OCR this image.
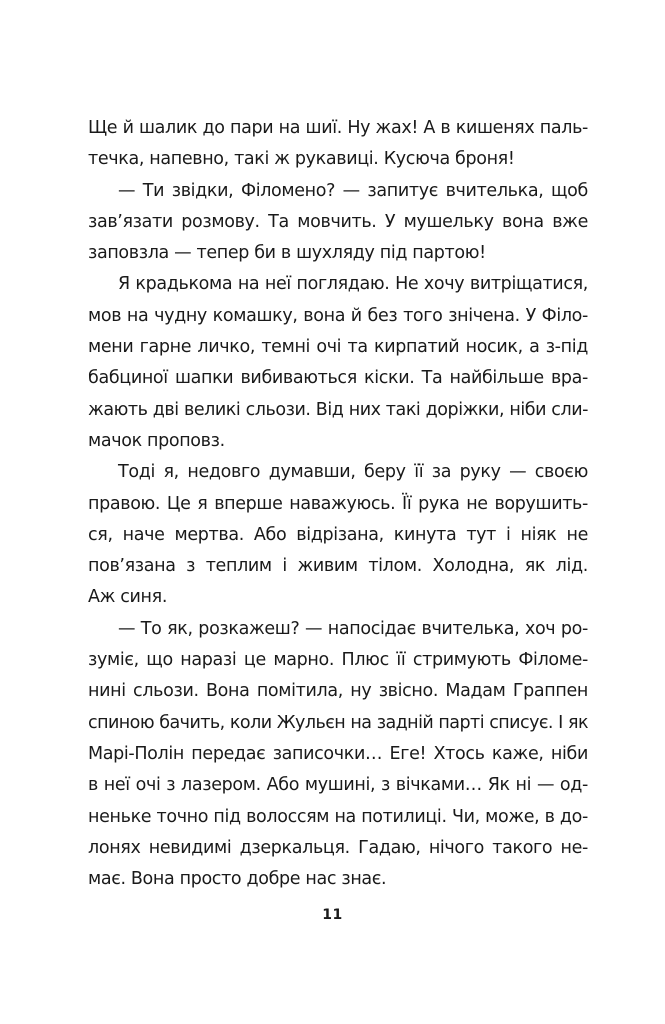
Ще й шалик до пари на шиї. Ну жах! А в кишенях паль-
течка, напевно, такі ж рукавиці. Кусюча броня!
— Ти звідки, Філомено? — запитує вчителька, щоб
зав’язати розмову. Та мовчить. У мушельку вона вже
заповзла — тепер би в шухляду під партою!
Я крадькома на неї поглядаю. Не хочу витріщатися,
мов на чудну комашку, вона й без того знічена. У Філо-
мени гарне личко, темні очі та кирпатий носик, а з-під
бабциної шапки вибиваються кіски. Та найбільше вра-
жають дві великі сльози. Від них такі доріжки, ніби сли-
мачок проповз.
Тоді я, недовго думавши, беру її за руку — своєю
правою. Це я вперше наважуюсь. Її рука не ворушить-
ся, наче мертва. Або відрізана, кинута тут і ніяк не
пов’язана з теплим і живим тілом. Холодна, як лід.
Аж синя.
— То як, розкажеш? — напосідає вчителька, хоч ро-
зуміє, що наразі це марно. Плюс її стримують Філоме-
нині сльози. Вона помітила, ну звісно. Мадам Граппен
спиною бачить, коли Жульєн на задній парті списує. І як
Марі-Полін передає записочки… Еге! Хтось каже, ніби
в неї очі з лазером. Або мушині, з вічками… Як ні — од-
неньке точно під волоссям на потилиці. Чи, може, в до-
лонях невидимі дзеркальця. Гадаю, нічого такого не-
має. Вона просто добре нас знає.
11
